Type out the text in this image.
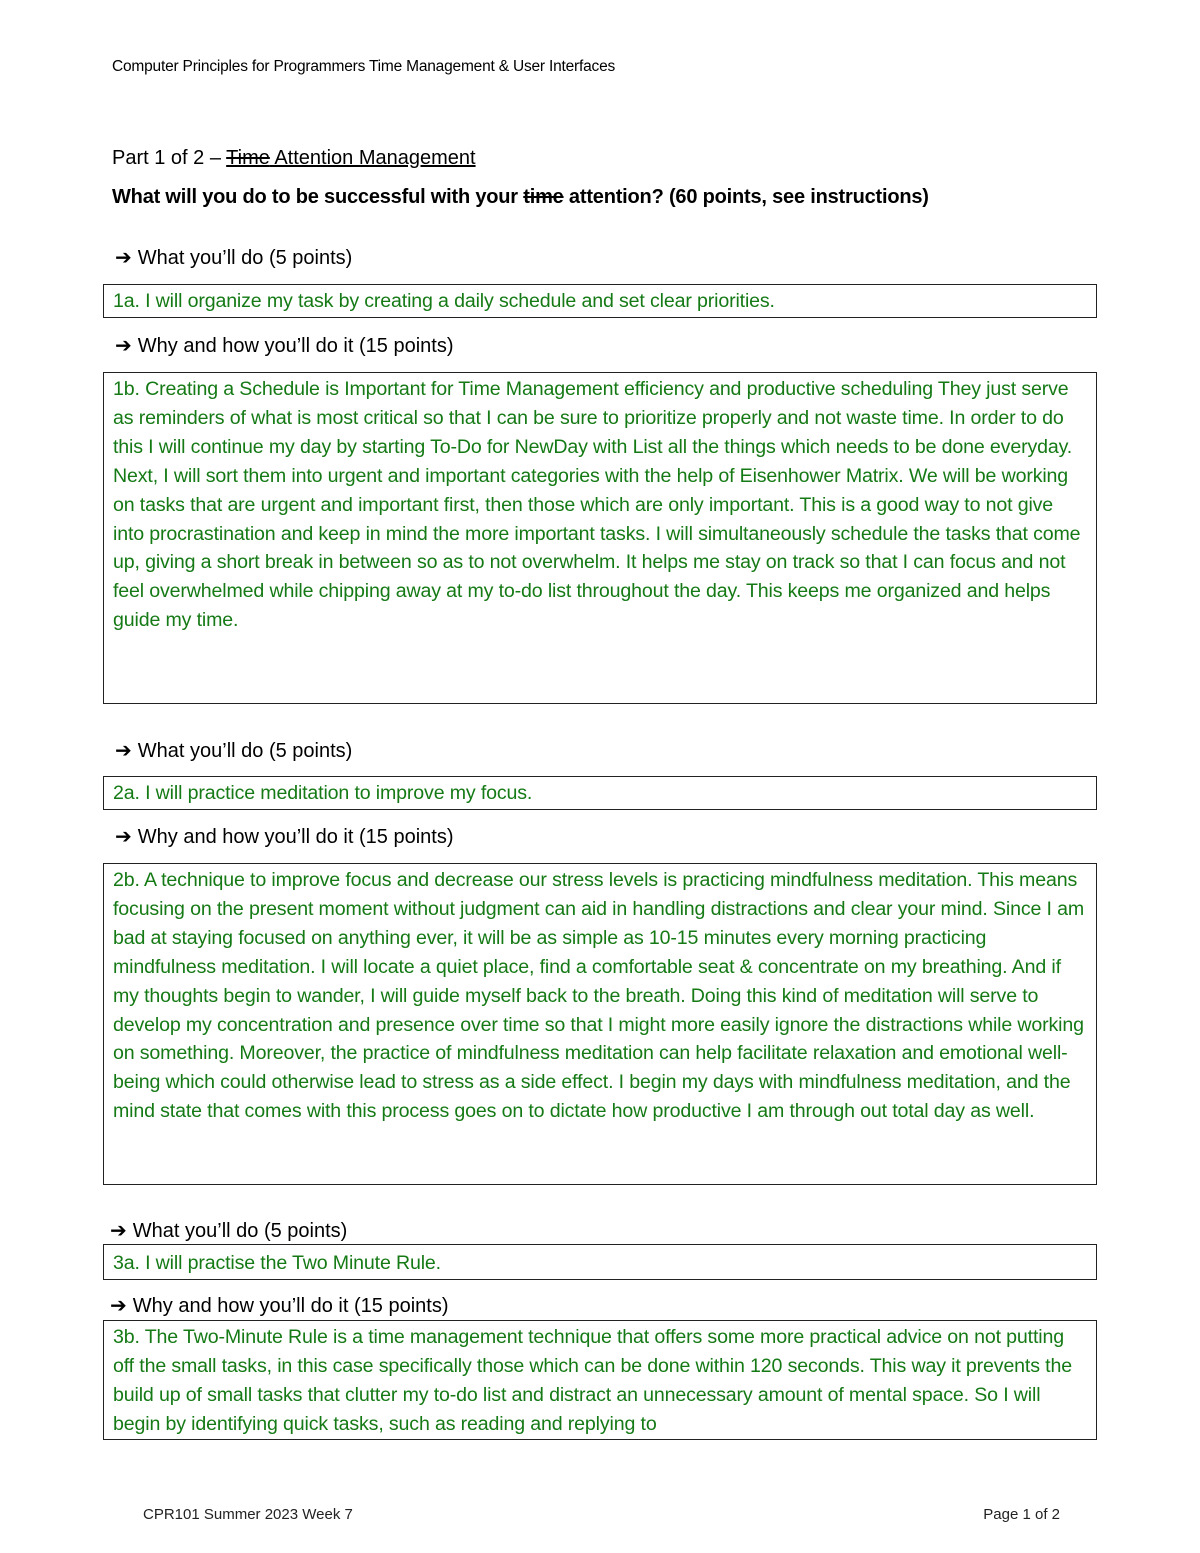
Computer Principles for Programmers Time Management & User Interfaces
Part 1 of 2 – Time Attention Management
What will you do to be successful with your time attention? (60 points, see instructions)
➔ What you’ll do (5 points)
1a. I will organize my task by creating a daily schedule and set clear priorities.
➔ Why and how you’ll do it (15 points)
1b. Creating a Schedule is Important for Time Management efficiency and productive scheduling They just serve as reminders of what is most critical so that I can be sure to prioritize properly and not waste time. In order to do this I will continue my day by starting To-Do for NewDay with List all the things which needs to be done everyday. Next, I will sort them into urgent and important categories with the help of Eisenhower Matrix. We will be working on tasks that are urgent and important first, then those which are only important. This is a good way to not give into procrastination and keep in mind the more important tasks. I will simultaneously schedule the tasks that come up, giving a short break in between so as to not overwhelm. It helps me stay on track so that I can focus and not feel overwhelmed while chipping away at my to-do list throughout the day. This keeps me organized and helps guide my time.
➔ What you’ll do (5 points)
2a. I will practice meditation to improve my focus.
➔ Why and how you’ll do it (15 points)
2b. A technique to improve focus and decrease our stress levels is practicing mindfulness meditation. This means focusing on the present moment without judgment can aid in handling distractions and clear your mind. Since I am bad at staying focused on anything ever, it will be as simple as 10-15 minutes every morning practicing mindfulness meditation. I will locate a quiet place, find a comfortable seat & concentrate on my breathing. And if my thoughts begin to wander, I will guide myself back to the breath. Doing this kind of meditation will serve to develop my concentration and presence over time so that I might more easily ignore the distractions while working on something. Moreover, the practice of mindfulness meditation can help facilitate relaxation and emotional well-being which could otherwise lead to stress as a side effect. I begin my days with mindfulness meditation, and the mind state that comes with this process goes on to dictate how productive I am through out total day as well.
➔ What you’ll do (5 points)
3a. I will practise the Two Minute Rule.
➔ Why and how you’ll do it (15 points)
3b. The Two-Minute Rule is a time management technique that offers some more practical advice on not putting off the small tasks, in this case specifically those which can be done within 120 seconds. This way it prevents the build up of small tasks that clutter my to-do list and distract an unnecessary amount of mental space. So I will begin by identifying quick tasks, such as reading and replying to
CPR101 Summer 2023 Week 7	Page 1 of 2
